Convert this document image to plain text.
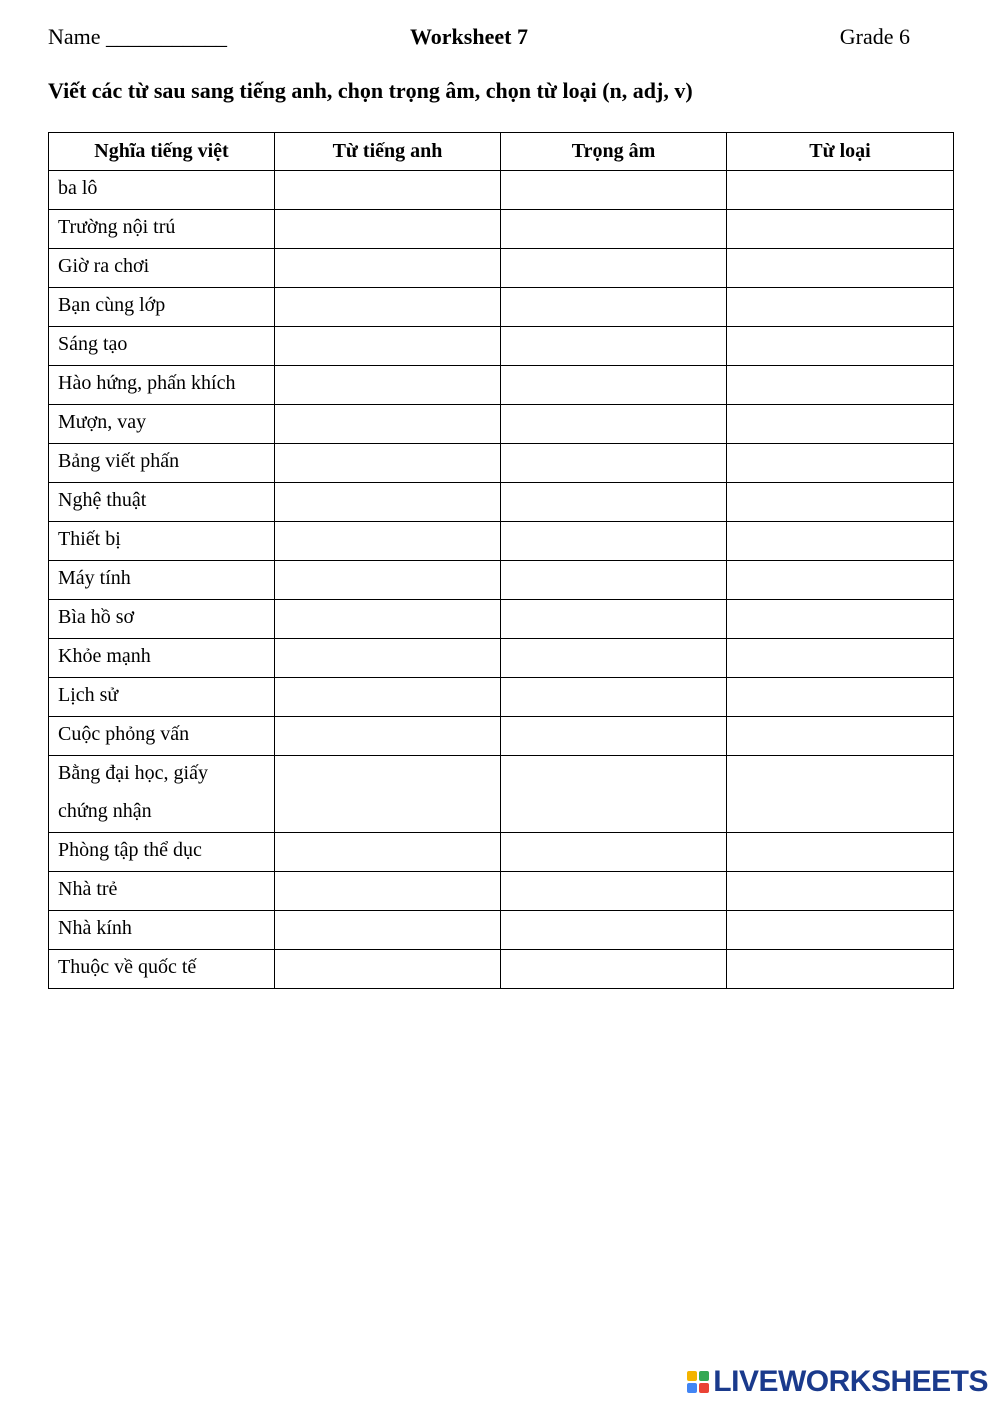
Name ___________	Worksheet 7	Grade 6
Viết các từ sau sang tiếng anh, chọn trọng âm, chọn từ loại (n, adj, v)
Nghĩa tiếng việt	Từ tiếng anh	Trọng âm	Từ loại

ba lô			

Trường nội trú			

Giờ ra chơi			

Bạn cùng lớp			

Sáng tạo			

Hào hứng, phấn khích			

Mượn, vay			

Bảng viết phấn			

Nghệ thuật			

Thiết bị			

Máy tính			

Bìa hồ sơ			

Khỏe mạnh			

Lịch sử			

Cuộc phỏng vấn			

Bằng đại học, giấy chứng nhận			

Phòng tập thể dục			

Nhà trẻ			

Nhà kính			

Thuộc về quốc tế			

LIVEWORKSHEETS
